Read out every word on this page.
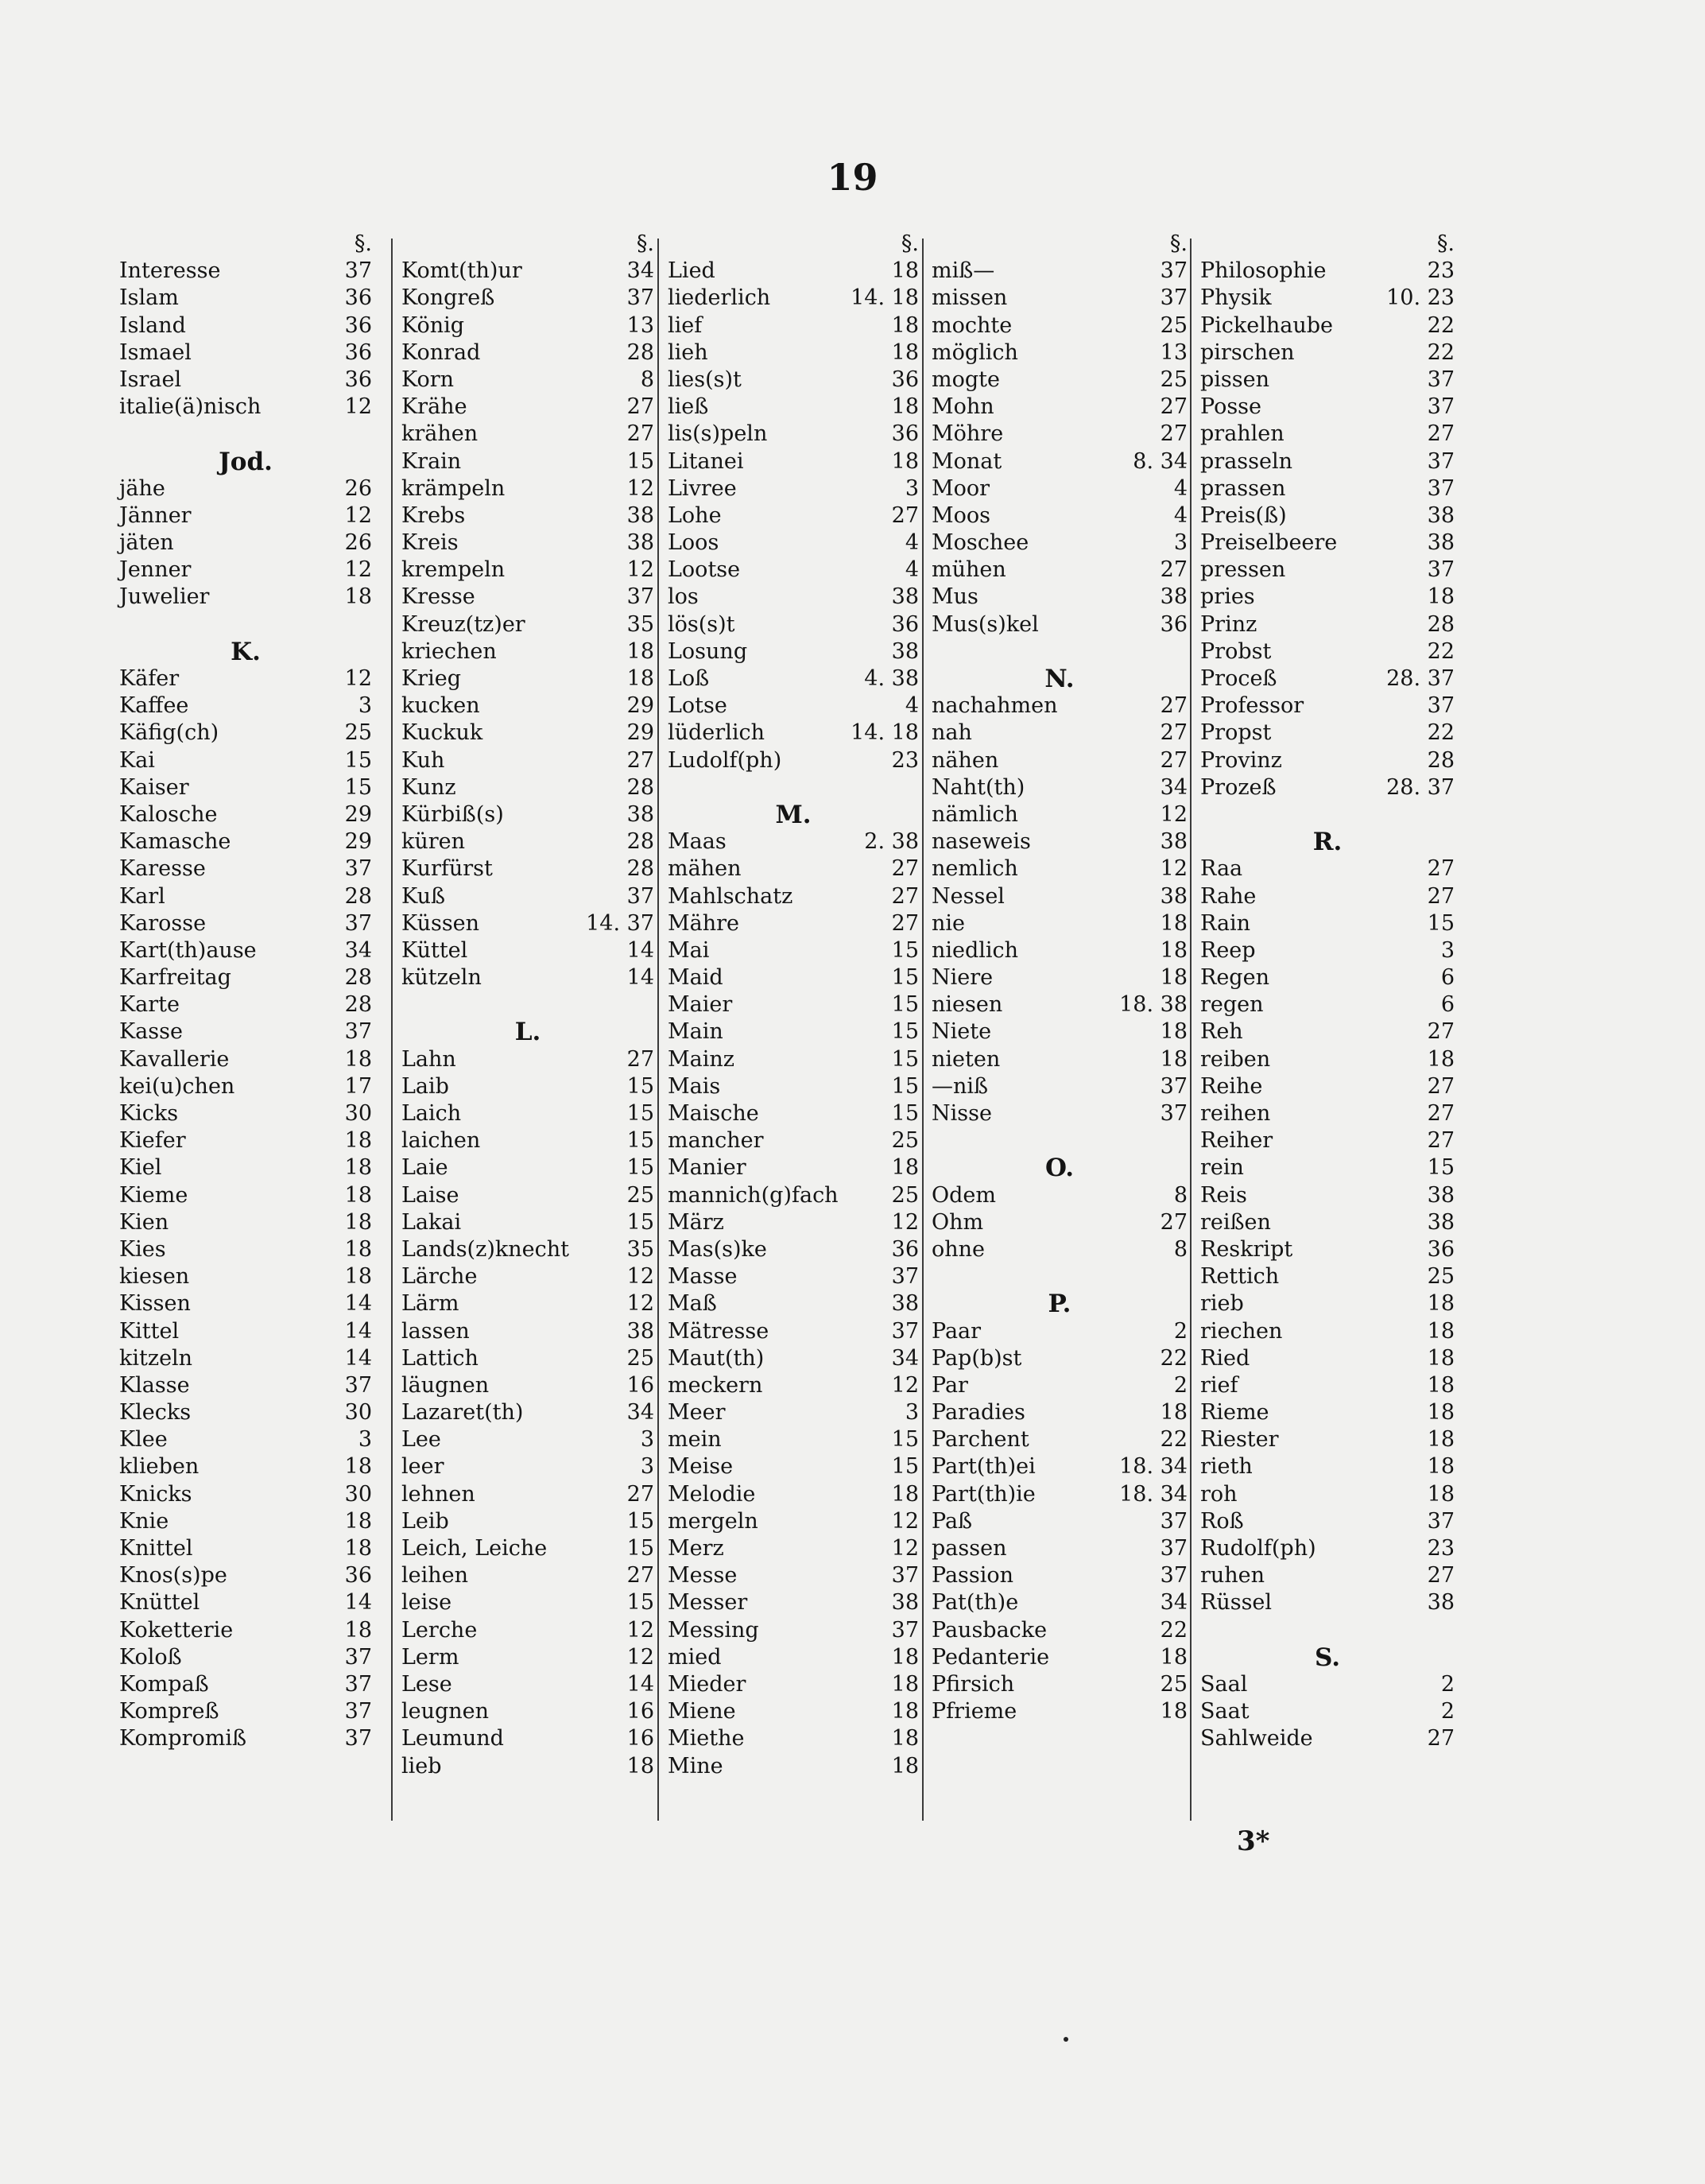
19
§.
Interesse	37
Islam	36
Island	36
Ismael	36
Israel	36
italie(ä)nisch	12
Jod.
jähe	26
Jänner	12
jäten	26
Jenner	12
Juwelier	18
K.
Käfer	12
Kaffee	3
Käfig(ch)	25
Kai	15
Kaiser	15
Kalosche	29
Kamasche	29
Karesse	37
Karl	28
Karosse	37
Kart(th)ause	34
Karfreitag	28
Karte	28
Kasse	37
Kavallerie	18
kei(u)chen	17
Kicks	30
Kiefer	18
Kiel	18
Kieme	18
Kien	18
Kies	18
kiesen	18
Kissen	14
Kittel	14
kitzeln	14
Klasse	37
Klecks	30
Klee	3
klieben	18
Knicks	30
Knie	18
Knittel	18
Knos(s)pe	36
Knüttel	14
Koketterie	18
Koloß	37
Kompaß	37
Kompreß	37
Kompromiß	37
§.
Komt(th)ur	34
Kongreß	37
König	13
Konrad	28
Korn	8
Krähe	27
krähen	27
Krain	15
krämpeln	12
Krebs	38
Kreis	38
krempeln	12
Kresse	37
Kreuz(tz)er	35
kriechen	18
Krieg	18
kucken	29
Kuckuk	29
Kuh	27
Kunz	28
Kürbiß(s)	38
küren	28
Kurfürst	28
Kuß	37
Küssen	14. 37
Küttel	14
kützeln	14
L.
Lahn	27
Laib	15
Laich	15
laichen	15
Laie	15
Laise	25
Lakai	15
Lands(z)knecht	35
Lärche	12
Lärm	12
lassen	38
Lattich	25
läugnen	16
Lazaret(th)	34
Lee	3
leer	3
lehnen	27
Leib	15
Leich, Leiche	15
leihen	27
leise	15
Lerche	12
Lerm	12
Lese	14
leugnen	16
Leumund	16
lieb	18
§.
Lied	18
liederlich	14. 18
lief	18
lieh	18
lies(s)t	36
ließ	18
lis(s)peln	36
Litanei	18
Livree	3
Lohe	27
Loos	4
Lootse	4
los	38
lös(s)t	36
Losung	38
Loß	4. 38
Lotse	4
lüderlich	14. 18
Ludolf(ph)	23
M.
Maas	2. 38
mähen	27
Mahlschatz	27
Mähre	27
Mai	15
Maid	15
Maier	15
Main	15
Mainz	15
Mais	15
Maische	15
mancher	25
Manier	18
mannich(g)fach 25
März	12
Mas(s)ke	36
Masse	37
Maß	38
Mätresse	37
Maut(th)	34
meckern	12
Meer	3
mein	15
Meise	15
Melodie	18
mergeln	12
Merz	12
Messe	37
Messer	38
Messing	37
mied	18
Mieder	18
Miene	18
Miethe	18
Mine	18
§.
miß—	37
missen	37
mochte	25
möglich	13
mogte	25
Mohn	27
Möhre	27
Monat	8. 34
Moor	4
Moos	4
Moschee	3
mühen	27
Mus	38
Mus(s)kel	36
N.
nachahmen	27
nah	27
nähen	27
Naht(th)	34
nämlich	12
naseweis	38
nemlich	12
Nessel	38
nie	18
niedlich	18
Niere	18
niesen	18. 38
Niete	18
nieten	18
—niß	37
Nisse	37
O.
Odem	8
Ohm	27
ohne	8
P.
Paar	2
Pap(b)st	22
Par	2
Paradies	18
Parchent	22
Part(th)ei	18. 34
Part(th)ie	18. 34
Paß	37
passen	37
Passion	37
Pat(th)e	34
Pausbacke	22
Pedanterie	18
Pfirsich	25
Pfrieme	18
§.
Philosophie	23
Physik	10. 23
Pickelhaube	22
pirschen	22
pissen	37
Posse	37
prahlen	27
prasseln	37
prassen	37
Preis(ß)	38
Preiselbeere	38
pressen	37
pries	18
Prinz	28
Probst	22
Proceß	28. 37
Professor	37
Propst	22
Provinz	28
Prozeß	28. 37
R.
Raa	27
Rahe	27
Rain	15
Reep	3
Regen	6
regen	6
Reh	27
reiben	18
Reihe	27
reihen	27
Reiher	27
rein	15
Reis	38
reißen	38
Reskript	36
Rettich	25
rieb	18
riechen	18
Ried	18
rief	18
Rieme	18
Riester	18
rieth	18
roh	18
Roß	37
Rudolf(ph)	23
ruhen	27
Rüssel	38
S.
Saal	2
Saat	2
Sahlweide	27
3*
